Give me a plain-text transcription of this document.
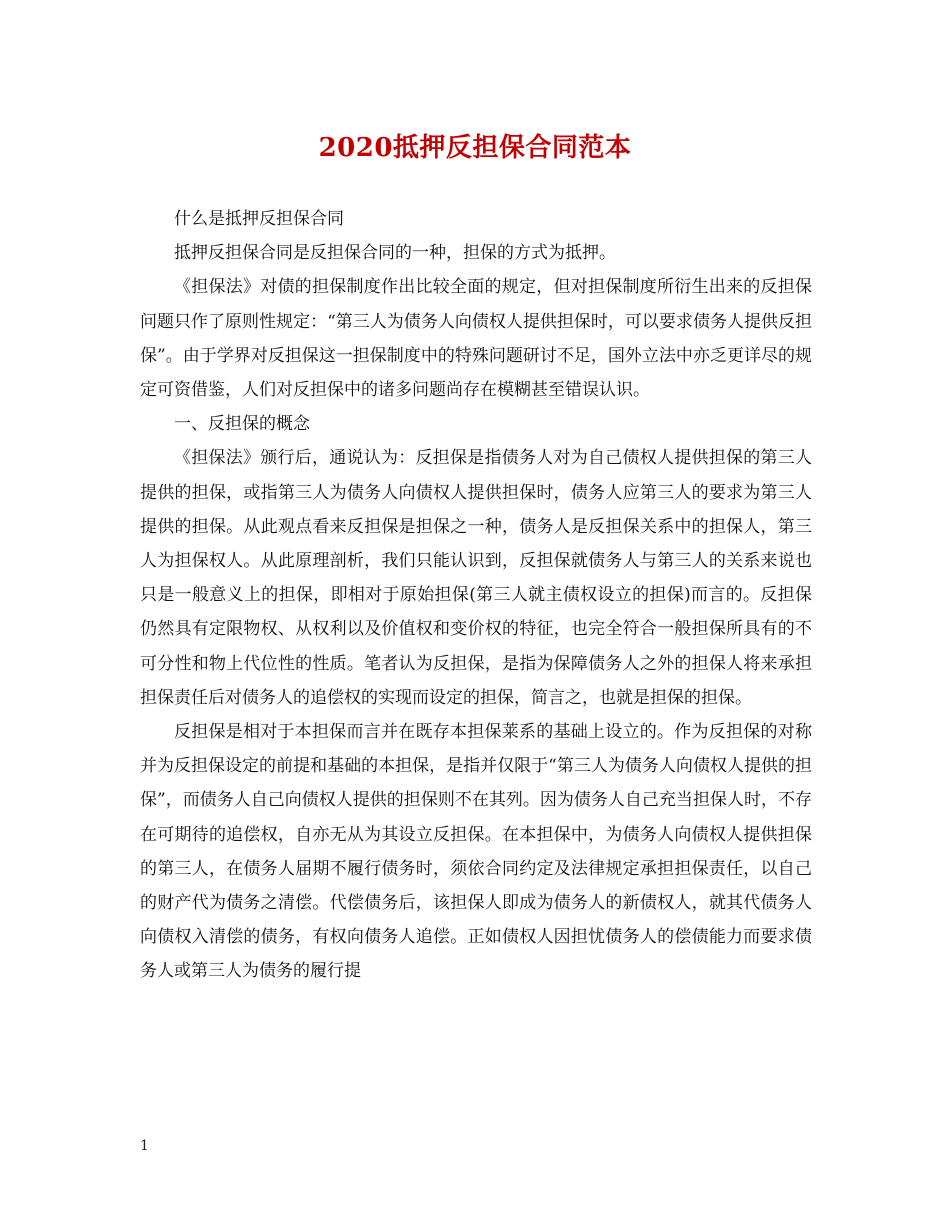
2020抵押反担保合同范本

什么是抵押反担保合同

抵押反担保合同是反担保合同的一种，担保的方式为抵押。

《担保法》对债的担保制度作出比较全面的规定，但对担保制度所衍生出来的反担保问题只作了原则性规定：“第三人为债务人向债权人提供担保时，可以要求债务人提供反担保”。由于学界对反担保这一担保制度中的特殊问题研讨不足，国外立法中亦乏更详尽的规定可资借鉴，人们对反担保中的诸多问题尚存在模糊甚至错误认识。

一、反担保的概念

《担保法》颁行后，通说认为：反担保是指债务人对为自己债权人提供担保的第三人提供的担保，或指第三人为债务人向债权人提供担保时，债务人应第三人的要求为第三人提供的担保。从此观点看来反担保是担保之一种，债务人是反担保关系中的担保人，第三人为担保权人。从此原理剖析，我们只能认识到，反担保就债务人与第三人的关系来说也只是一般意义上的担保，即相对于原始担保(第三人就主债权设立的担保)而言的。反担保仍然具有定限物权、从权利以及价值权和变价权的特征，也完全符合一般担保所具有的不可分性和物上代位性的性质。笔者认为反担保，是指为保障债务人之外的担保人将来承担担保责任后对债务人的追偿权的实现而设定的担保，简言之，也就是担保的担保。

反担保是相对于本担保而言并在既存本担保莱系的基础上设立的。作为反担保的对称并为反担保设定的前提和基础的本担保，是指并仅限于“第三人为债务人向债权人提供的担保”，而债务人自己向债权人提供的担保则不在其列。因为债务人自己充当担保人时，不存在可期待的追偿权，自亦无从为其设立反担保。在本担保中，为债务人向债权人提供担保的第三人，在债务人届期不履行债务时，须依合同约定及法律规定承担担保责任，以自己的财产代为债务之清偿。代偿债务后，该担保人即成为债务人的新债权人，就其代债务人向债权入清偿的债务，有权向债务人追偿。正如债权人因担忧债务人的偿债能力而要求债务人或第三人为债务的履行提

1
